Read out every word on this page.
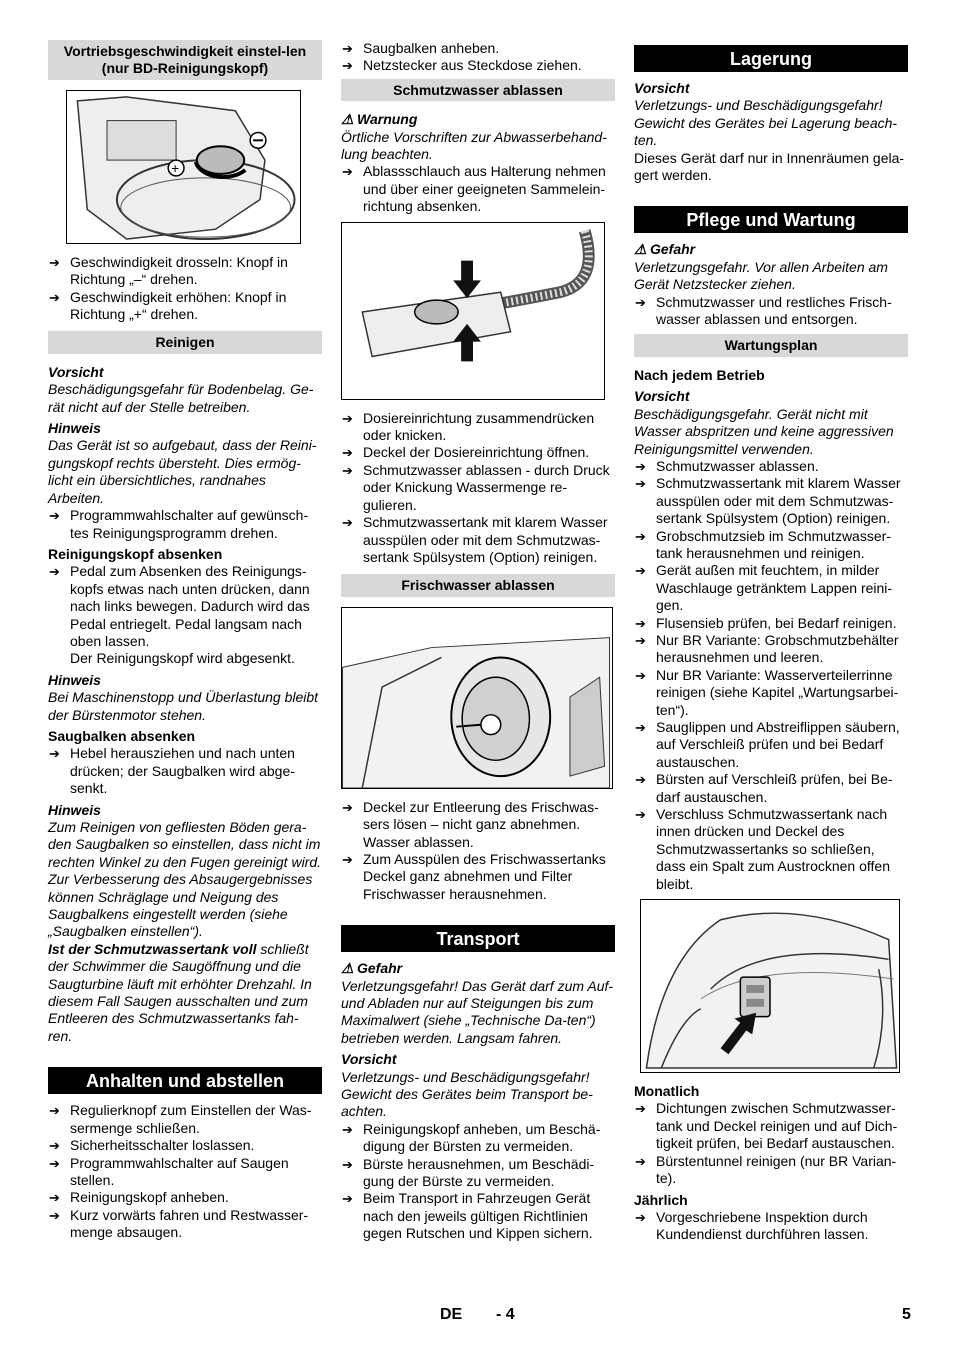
Vortriebsgeschwindigkeit einstel-len (nur BD-Reinigungskopf)
+
➔ Geschwindigkeit drosseln: Knopf in Richtung „–“ drehen.
➔ Geschwindigkeit erhöhen: Knopf in Richtung „+“ drehen.
Reinigen
Vorsicht
Beschädigungsgefahr für Bodenbelag. Ge-rät nicht auf der Stelle betreiben.
Hinweis
Das Gerät ist so aufgebaut, dass der Reini-gungskopf rechts übersteht. Dies ermög-licht ein übersichtliches, randnahes Arbeiten.
➔ Programmwahlschalter auf gewünsch-tes Reinigungsprogramm drehen.
Reinigungskopf absenken
➔ Pedal zum Absenken des Reinigungs-kopfs etwas nach unten drücken, dann nach links bewegen. Dadurch wird das Pedal entriegelt. Pedal langsam nach oben lassen.
Der Reinigungskopf wird abgesenkt.
Hinweis
Bei Maschinenstopp und Überlastung bleibt der Bürstenmotor stehen.
Saugbalken absenken
➔ Hebel herausziehen und nach unten drücken; der Saugbalken wird abge-senkt.
Hinweis
Zum Reinigen von gefliesten Böden gera-den Saugbalken so einstellen, dass nicht im rechten Winkel zu den Fugen gereinigt wird.
Zur Verbesserung des Absaugergebnisses können Schräglage und Neigung des Saugbalkens eingestellt werden (siehe „Saugbalken einstellen“).
Ist der Schmutzwassertank voll schließt der Schwimmer die Saugöffnung und die Saugturbine läuft mit erhöhter Drehzahl. In diesem Fall Saugen ausschalten und zum Entleeren des Schmutzwassertanks fah-ren.
Anhalten und abstellen
➔ Regulierknopf zum Einstellen der Was-sermenge schließen.
➔ Sicherheitsschalter loslassen.
➔ Programmwahlschalter auf Saugen stellen.
➔ Reinigungskopf anheben.
➔ Kurz vorwärts fahren und Restwasser-menge absaugen.
➔ Saugbalken anheben.
➔ Netzstecker aus Steckdose ziehen.
Schmutzwasser ablassen
⚠ Warnung
Örtliche Vorschriften zur Abwasserbehand-lung beachten.
➔ Ablassschlauch aus Halterung nehmen und über einer geeigneten Sammelein-richtung absenken.
➔ Dosiereinrichtung zusammendrücken oder knicken.
➔ Deckel der Dosiereinrichtung öffnen.
➔ Schmutzwasser ablassen - durch Druck oder Knickung Wassermenge re-gulieren.
➔ Schmutzwassertank mit klarem Wasser ausspülen oder mit dem Schmutzwas-sertank Spülsystem (Option) reinigen.
Frischwasser ablassen
➔ Deckel zur Entleerung des Frischwas-sers lösen – nicht ganz abnehmen. Wasser ablassen.
➔ Zum Ausspülen des Frischwassertanks Deckel ganz abnehmen und Filter Frischwasser herausnehmen.
Transport
⚠ Gefahr
Verletzungsgefahr! Das Gerät darf zum Auf- und Abladen nur auf Steigungen bis zum Maximalwert (siehe „Technische Da-ten“) betrieben werden. Langsam fahren.
Vorsicht
Verletzungs- und Beschädigungsgefahr! Gewicht des Gerätes beim Transport be-achten.
➔ Reinigungskopf anheben, um Beschä-digung der Bürsten zu vermeiden.
➔ Bürste herausnehmen, um Beschädi-gung der Bürste zu vermeiden.
➔ Beim Transport in Fahrzeugen Gerät nach den jeweils gültigen Richtlinien gegen Rutschen und Kippen sichern.
Lagerung
Vorsicht
Verletzungs- und Beschädigungsgefahr! Gewicht des Gerätes bei Lagerung beach-ten.
Dieses Gerät darf nur in Innenräumen gela-gert werden.
Pflege und Wartung
⚠ Gefahr
Verletzungsgefahr. Vor allen Arbeiten am Gerät Netzstecker ziehen.
➔ Schmutzwasser und restliches Frisch-wasser ablassen und entsorgen.
Wartungsplan
Nach jedem Betrieb
Vorsicht
Beschädigungsgefahr. Gerät nicht mit Wasser abspritzen und keine aggressiven Reinigungsmittel verwenden.
➔ Schmutzwasser ablassen.
➔ Schmutzwassertank mit klarem Wasser ausspülen oder mit dem Schmutzwas-sertank Spülsystem (Option) reinigen.
➔ Grobschmutzsieb im Schmutzwasser-tank herausnehmen und reinigen.
➔ Gerät außen mit feuchtem, in milder Waschlauge getränktem Lappen reini-gen.
➔ Flusensieb prüfen, bei Bedarf reinigen.
➔ Nur BR Variante: Grobschmutzbehälter herausnehmen und leeren.
➔ Nur BR Variante: Wasserverteilerrinne reinigen (siehe Kapitel „Wartungsarbei-ten“).
➔ Sauglippen und Abstreiflippen säubern, auf Verschleiß prüfen und bei Bedarf austauschen.
➔ Bürsten auf Verschleiß prüfen, bei Be-darf austauschen.
➔ Verschluss Schmutzwassertank nach innen drücken und Deckel des Schmutzwassertanks so schließen, dass ein Spalt zum Austrocknen offen bleibt.
Monatlich
➔ Dichtungen zwischen Schmutzwasser-tank und Deckel reinigen und auf Dich-tigkeit prüfen, bei Bedarf austauschen.
➔ Bürstentunnel reinigen (nur BR Varian-te).
Jährlich
➔ Vorgeschriebene Inspektion durch Kundendienst durchführen lassen.
DE - 4	5
